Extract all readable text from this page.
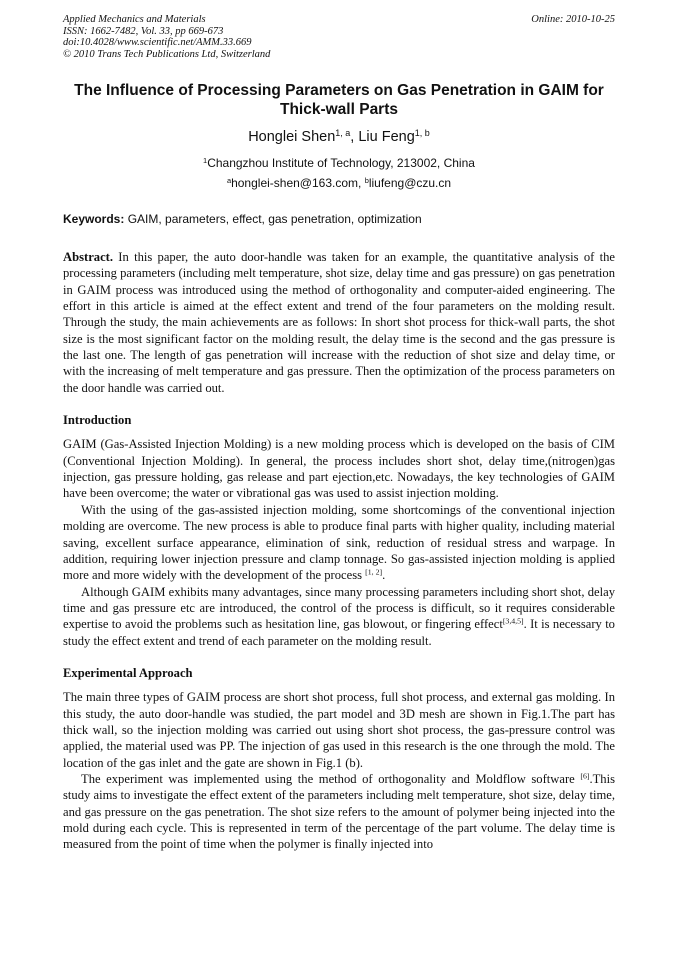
Applied Mechanics and Materials
ISSN: 1662-7482, Vol. 33, pp 669-673
doi:10.4028/www.scientific.net/AMM.33.669
© 2010 Trans Tech Publications Ltd, Switzerland
Online: 2010-10-25
The Influence of Processing Parameters on Gas Penetration in GAIM for Thick-wall Parts
Honglei Shen$^{1, a}$, Liu Feng$^{1, b}$
$^1$Changzhou Institute of Technology, 213002, China
$^a$honglei-shen@163.com, $^b$liufeng@czu.cn
Keywords: GAIM, parameters, effect, gas penetration, optimization

Abstract. In this paper, the auto door-handle was taken for an example, the quantitative analysis of the processing parameters (including melt temperature, shot size, delay time and gas pressure) on gas penetration in GAIM process was introduced using the method of orthogonality and computer-aided engineering. The effort in this article is aimed at the effect extent and trend of the four parameters on the molding result. Through the study, the main achievements are as follows: In short shot process for thick-wall parts, the shot size is the most significant factor on the molding result, the delay time is the second and the gas pressure is the last one. The length of gas penetration will increase with the reduction of shot size and delay time, or with the increasing of melt temperature and gas pressure. Then the optimization of the process parameters on the door handle was carried out.

Introduction

GAIM (Gas-Assisted Injection Molding) is a new molding process which is developed on the basis of CIM (Conventional Injection Molding). In general, the process includes short shot, delay time,(nitrogen)gas injection, gas pressure holding, gas release and part ejection,etc. Nowadays, the key technologies of GAIM have been overcome; the water or vibrational gas was used to assist injection molding.

With the using of the gas-assisted injection molding, some shortcomings of the conventional injection molding are overcome. The new process is able to produce final parts with higher quality, including material saving, excellent surface appearance, elimination of sink, reduction of residual stress and warpage. In addition, requiring lower injection pressure and clamp tonnage. So gas-assisted injection molding is applied more and more widely with the development of the process [1, 2].

Although GAIM exhibits many advantages, since many processing parameters including short shot, delay time and gas pressure etc are introduced, the control of the process is difficult, so it requires considerable expertise to avoid the problems such as hesitation line, gas blowout, or fingering effect[3,4,5]. It is necessary to study the effect extent and trend of each parameter on the molding result.

Experimental Approach

The main three types of GAIM process are short shot process, full shot process, and external gas molding. In this study, the auto door-handle was studied, the part model and 3D mesh are shown in Fig.1.The part has thick wall, so the injection molding was carried out using short shot process, the gas-pressure control was applied, the material used was PP. The injection of gas used in this research is the one through the mold. The location of the gas inlet and the gate are shown in Fig.1 (b).

The experiment was implemented using the method of orthogonality and Moldflow software [6].This study aims to investigate the effect extent of the parameters including melt temperature, shot size, delay time, and gas pressure on the gas penetration. The shot size refers to the amount of polymer being injected into the mold during each cycle. This is represented in term of the percentage of the part volume. The delay time is measured from the point of time when the polymer is finally injected into
